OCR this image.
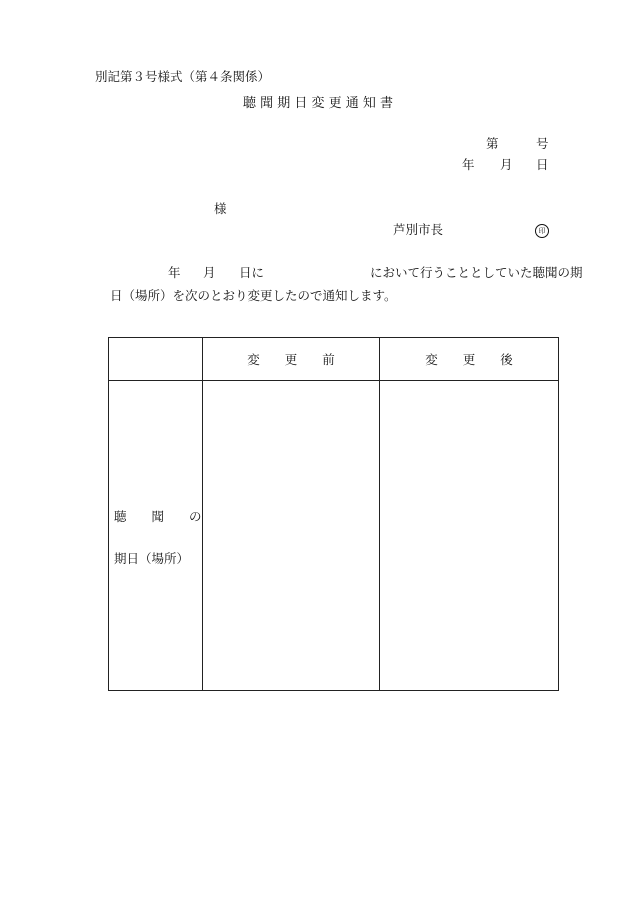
別記第３号様式（第４条関係）
聴 聞 期 日 変 更 通 知 書
第	号
年 月 日
様
芦別市長	印
年 月 日に	において行うこととしていた聴聞の期
日（場所）を次のとおり変更したので通知します。
	変　　更　　前	変　　更　　後

聴　　聞　　の
期日（場所）		
